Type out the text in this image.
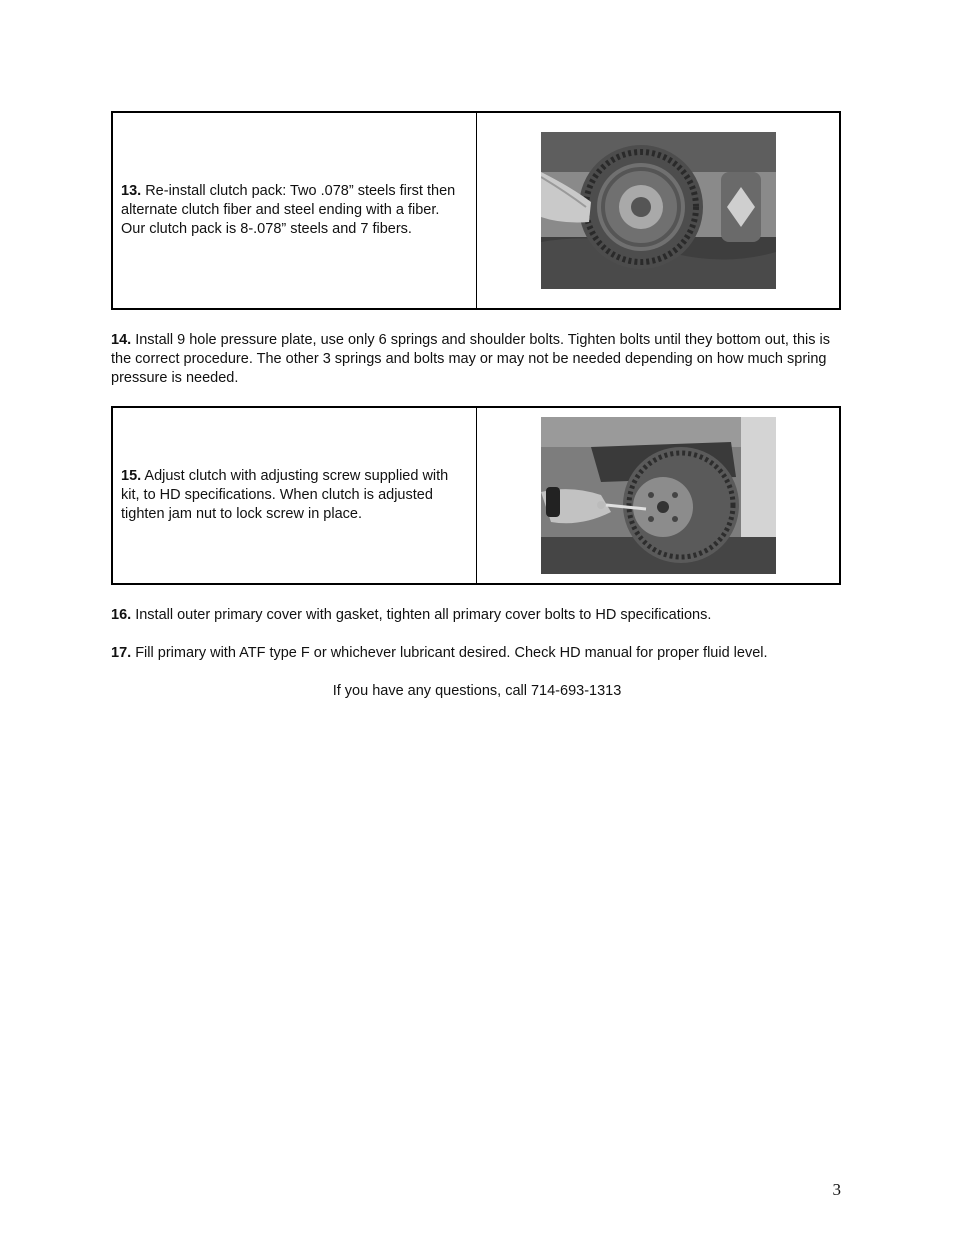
13. Re-install clutch pack: Two .078” steels first then alternate clutch fiber and steel ending with a fiber. Our clutch pack is 8-.078” steels and 7 fibers.
14. Install 9 hole pressure plate, use only 6 springs and shoulder bolts. Tighten bolts until they bottom out, this is the correct procedure. The other 3 springs and bolts may or may not be needed depending on how much spring pressure is needed.
15. Adjust clutch with adjusting screw supplied with kit, to HD specifications. When clutch is adjusted tighten jam nut to lock screw in place.
16. Install outer primary cover with gasket, tighten all primary cover bolts to HD specifications.
17. Fill primary with ATF type F or whichever lubricant desired. Check HD manual for proper fluid level.
If you have any questions, call 714-693-1313
3
